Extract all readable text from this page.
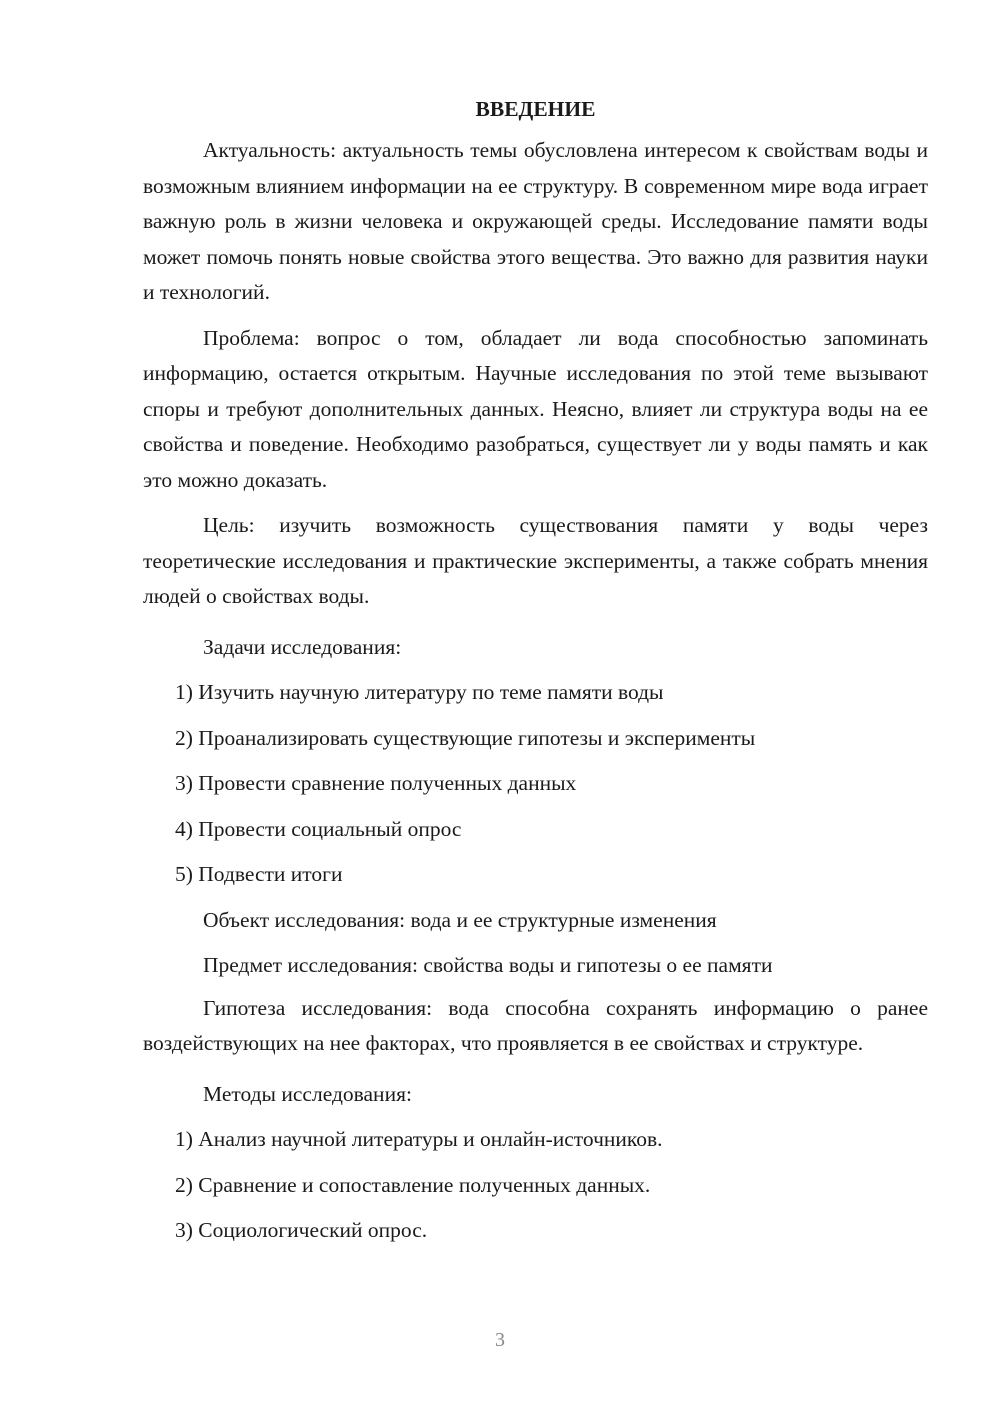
ВВЕДЕНИЕ

Актуальность: актуальность темы обусловлена интересом к свойствам воды и возможным влиянием информации на ее структуру. В современном мире вода играет важную роль в жизни человека и окружающей среды. Исследование памяти воды может помочь понять новые свойства этого вещества. Это важно для развития науки и технологий.

Проблема: вопрос о том, обладает ли вода способностью запоминать информацию, остается открытым. Научные исследования по этой теме вызывают споры и требуют дополнительных данных. Неясно, влияет ли структура воды на ее свойства и поведение. Необходимо разобраться, существует ли у воды память и как это можно доказать.

Цель: изучить возможность существования памяти у воды через теоретические исследования и практические эксперименты, а также собрать мнения людей о свойствах воды.

Задачи исследования:
1) Изучить научную литературу по теме памяти воды
2) Проанализировать существующие гипотезы и эксперименты
3) Провести сравнение полученных данных
4) Провести социальный опрос
5) Подвести итоги
Объект исследования: вода и ее структурные изменения
Предмет исследования: свойства воды и гипотезы о ее памяти

Гипотеза исследования: вода способна сохранять информацию о ранее воздействующих на нее факторах, что проявляется в ее свойствах и структуре.

Методы исследования:
1) Анализ научной литературы и онлайн-источников.
2) Сравнение и сопоставление полученных данных.
3) Социологический опрос.
3
